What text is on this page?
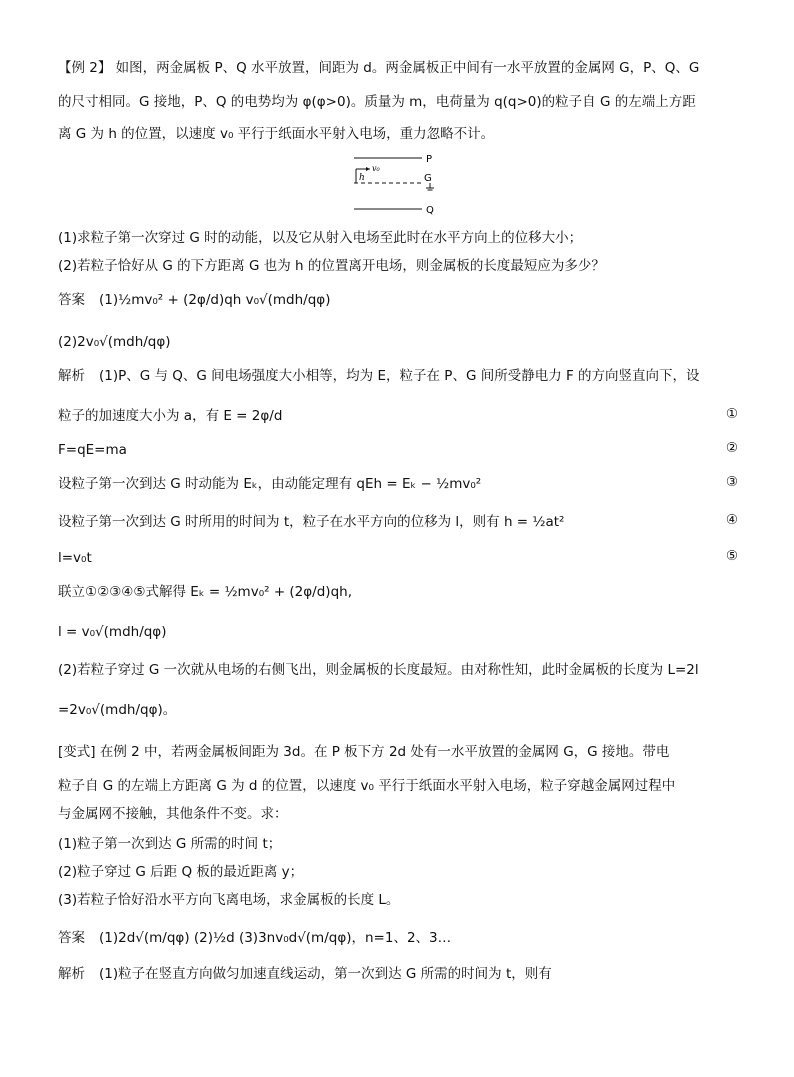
【例 2】 如图，两金属板 P、Q 水平放置，间距为 d。两金属板正中间有一水平放置的金属网 G，P、Q、G
的尺寸相同。G 接地，P、Q 的电势均为 φ(φ>0)。质量为 m，电荷量为 q(q>0)的粒子自 G 的左端上方距
离 G 为 h 的位置，以速度 v₀ 平行于纸面水平射入电场，重力忽略不计。
P
G
Q
v₀
h
(1)求粒子第一次穿过 G 时的动能，以及它从射入电场至此时在水平方向上的位移大小；
(2)若粒子恰好从 G 的下方距离 G 也为 h 的位置离开电场，则金属板的长度最短应为多少？
答案 (1)½mv₀² + (2φ/d)qh v₀√(mdh/qφ)
(2)2v₀√(mdh/qφ)
解析 (1)P、G 与 Q、G 间电场强度大小相等，均为 E，粒子在 P、G 间所受静电力 F 的方向竖直向下，设
粒子的加速度大小为 a，有 E = 2φ/d	①
F=qE=ma	②
设粒子第一次到达 G 时动能为 Eₖ，由动能定理有 qEh = Eₖ − ½mv₀²	③
设粒子第一次到达 G 时所用的时间为 t，粒子在水平方向的位移为 l，则有 h = ½at²	④
l=v₀t	⑤
联立①②③④⑤式解得 Eₖ = ½mv₀² + (2φ/d)qh,
l = v₀√(mdh/qφ)
(2)若粒子穿过 G 一次就从电场的右侧飞出，则金属板的长度最短。由对称性知，此时金属板的长度为 L=2l
=2v₀√(mdh/qφ)。
[变式] 在例 2 中，若两金属板间距为 3d。在 P 板下方 2d 处有一水平放置的金属网 G，G 接地。带电
粒子自 G 的左端上方距离 G 为 d 的位置，以速度 v₀ 平行于纸面水平射入电场，粒子穿越金属网过程中
与金属网不接触，其他条件不变。求：
(1)粒子第一次到达 G 所需的时间 t；
(2)粒子穿过 G 后距 Q 板的最近距离 y；
(3)若粒子恰好沿水平方向飞离电场，求金属板的长度 L。
答案 (1)2d√(m/qφ) (2)½d (3)3nv₀d√(m/qφ)，n=1、2、3…
解析 (1)粒子在竖直方向做匀加速直线运动，第一次到达 G 所需的时间为 t，则有
